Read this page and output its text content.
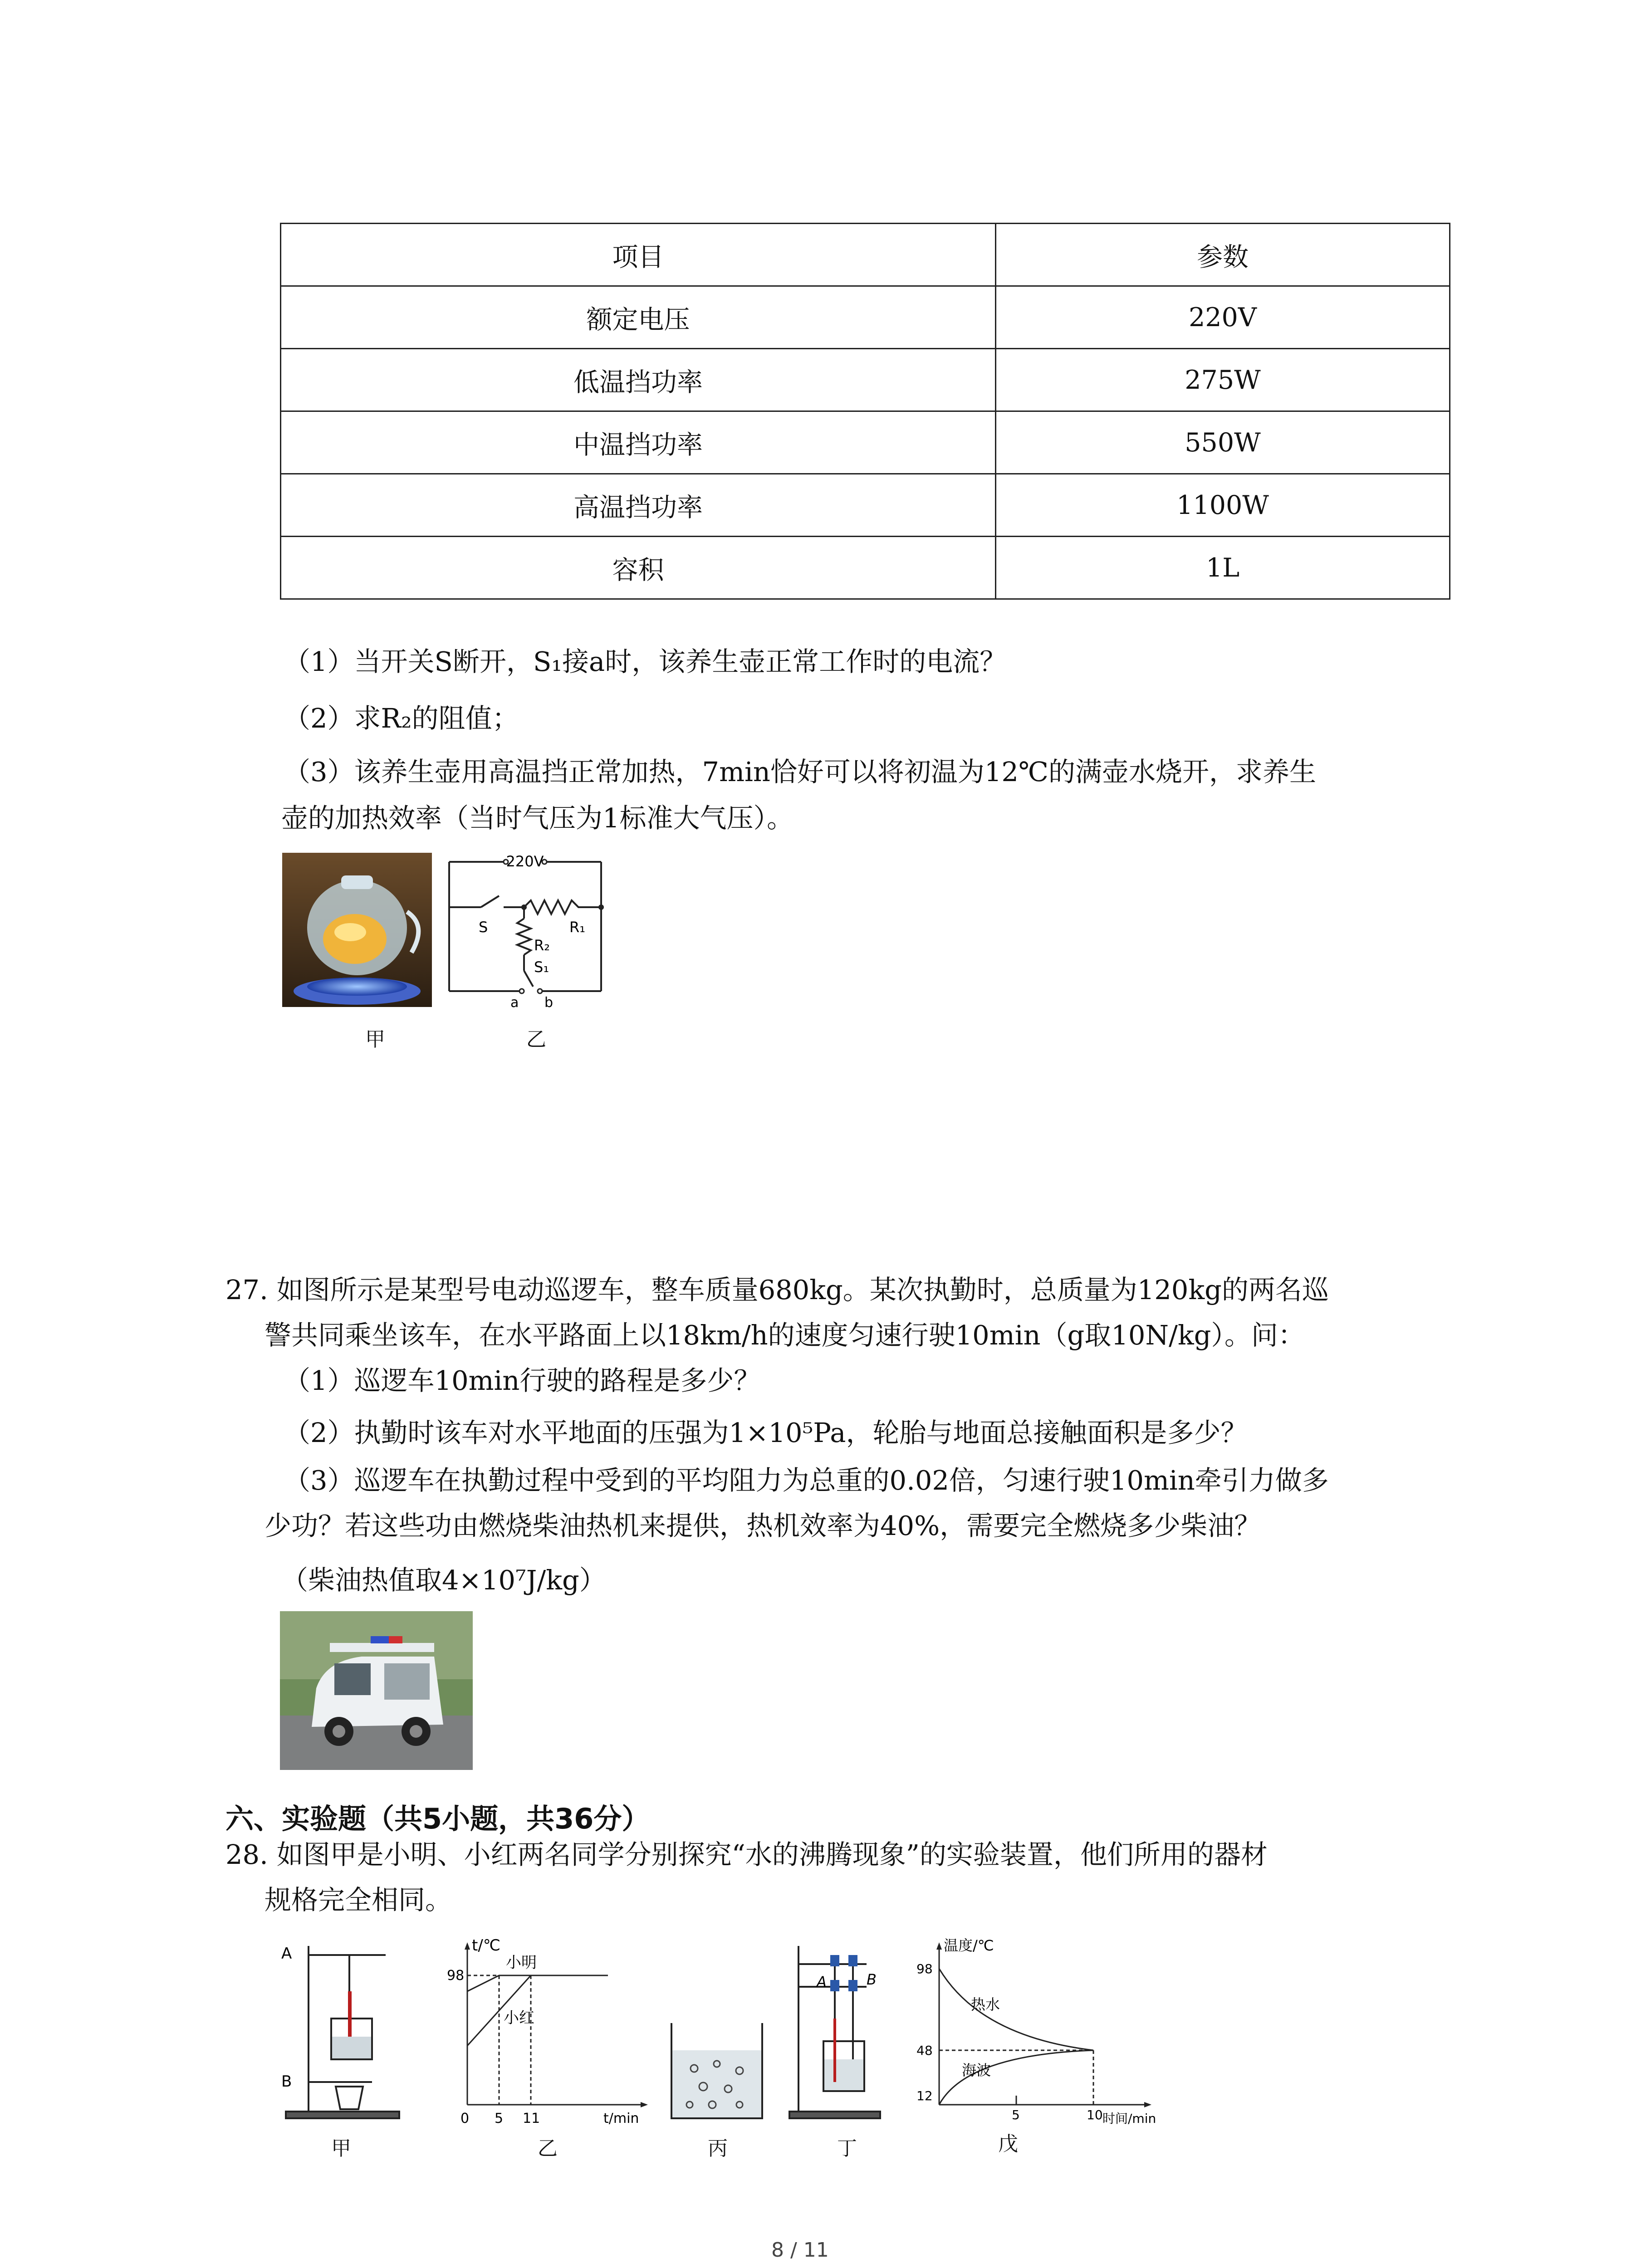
项目	参数
额定电压	220V
低温挡功率	275W
中温挡功率	550W
高温挡功率	1100W
容积	1L
（1）当开关S断开，S₁接a时，该养生壶正常工作时的电流？
（2）求R₂的阻值；
（3）该养生壶用高温挡正常加热，7min恰好可以将初温为12℃的满壶水烧开，求养生
壶的加热效率（当时气压为1标准大气压）。
甲
220V
S	R₁
R₂
S₁
a b
乙
27. 如图所示是某型号电动巡逻车，整车质量680kg。某次执勤时，总质量为120kg的两名巡
警共同乘坐该车，在水平路面上以18km/h的速度匀速行驶10min（g取10N/kg）。问：
（1）巡逻车10min行驶的路程是多少？
（2）执勤时该车对水平地面的压强为1×10⁵Pa，轮胎与地面总接触面积是多少？
（3）巡逻车在执勤过程中受到的平均阻力为总重的0.02倍，匀速行驶10min牵引力做多
少功？若这些功由燃烧柴油热机来提供，热机效率为40%，需要完全燃烧多少柴油？
（柴油热值取4×10⁷J/kg）
六、实验题（共5小题，共36分）
28. 如图甲是小明、小红两名同学分别探究“水的沸腾现象”的实验装置，他们所用的器材
规格完全相同。
A
B
甲
t/℃
98
小明
小红
0 5 11	t/min
乙	丙
A	B
丁
温度/℃
98
48
12
热水
海波
5	10 时间/min
戊
8 / 11
